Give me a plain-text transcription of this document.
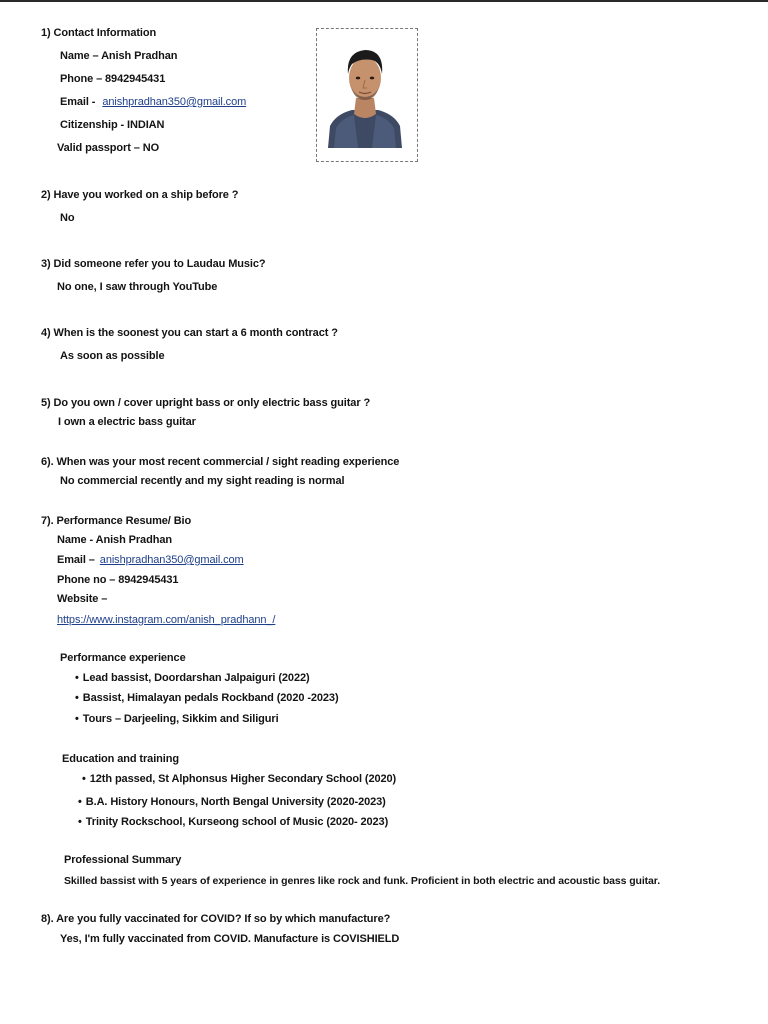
1) Contact Information
Name – Anish Pradhan
Phone – 8942945431
Email - anishpradhan350@gmail.com
Citizenship - INDIAN
Valid passport – NO
2) Have you worked on a ship before ?
No
3) Did someone refer you to Laudau Music?
No one, I saw through YouTube
4) When is the soonest you can start a 6 month contract ?
As soon as possible
5) Do you own / cover upright bass or only electric bass guitar ?
I own a electric bass guitar
6). When was your most recent commercial / sight reading experience
No commercial recently and my sight reading is normal
7). Performance Resume/ Bio
Name - Anish Pradhan
Email – anishpradhan350@gmail.com
Phone no – 8942945431
Website –
https://www.instagram.com/anish_pradhann_/
Performance experience
• Lead bassist, Doordarshan Jalpaiguri (2022)
• Bassist, Himalayan pedals Rockband (2020 -2023)
• Tours – Darjeeling, Sikkim and Siliguri
Education and training
• 12th passed, St Alphonsus Higher Secondary School (2020)
• B.A. History Honours, North Bengal University (2020-2023)
• Trinity Rockschool, Kurseong school of Music (2020- 2023)
Professional Summary
Skilled bassist with 5 years of experience in genres like rock and funk. Proficient in both electric and acoustic bass guitar.
8). Are you fully vaccinated for COVID? If so by which manufacture?
Yes, I'm fully vaccinated from COVID. Manufacture is COVISHIELD
